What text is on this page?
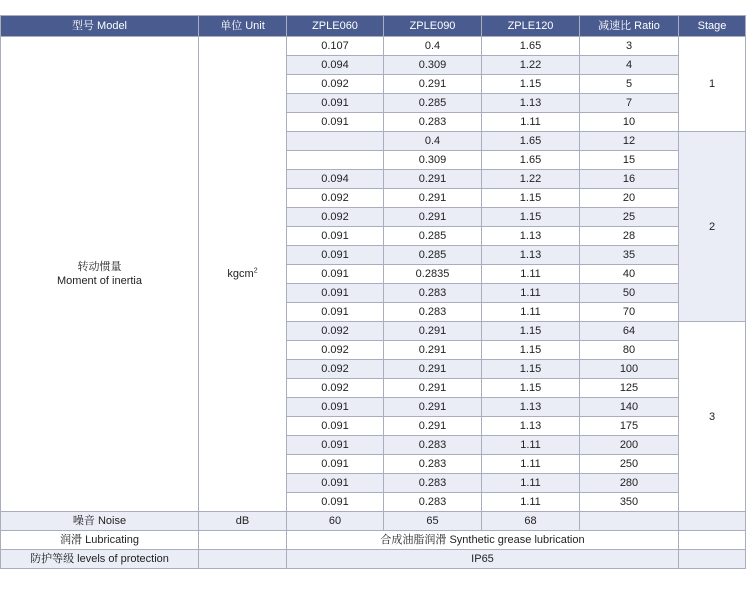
型号 Model	单位 Unit	ZPLE060	ZPLE090	ZPLE120	减速比 Ratio	Stage

转动惯量
Moment of inertia	kgcm$^2$	0.107	0.4	1.65	3	1
		0.094	0.309	1.22	4	
		0.092	0.291	1.15	5	
		0.091	0.285	1.13	7	
		0.091	0.283	1.11	10	
			0.4	1.65	12	2
			0.309	1.65	15	
		0.094	0.291	1.22	16	
		0.092	0.291	1.15	20	
		0.092	0.291	1.15	25	
		0.091	0.285	1.13	28	
		0.091	0.285	1.13	35	
		0.091	0.2835	1.11	40	
		0.091	0.283	1.11	50	
		0.091	0.283	1.11	70	
		0.092	0.291	1.15	64	3
		0.092	0.291	1.15	80	
		0.092	0.291	1.15	100	
		0.092	0.291	1.15	125	
		0.091	0.291	1.13	140	
		0.091	0.291	1.13	175	
		0.091	0.283	1.11	200	
		0.091	0.283	1.11	250	
		0.091	0.283	1.11	280	
		0.091	0.283	1.11	350	
噪音 Noise	dB	60	65	68		
润滑 Lubricating		合成油脂润滑 Synthetic grease lubrication				
防护等级 levels of protection		IP65				
